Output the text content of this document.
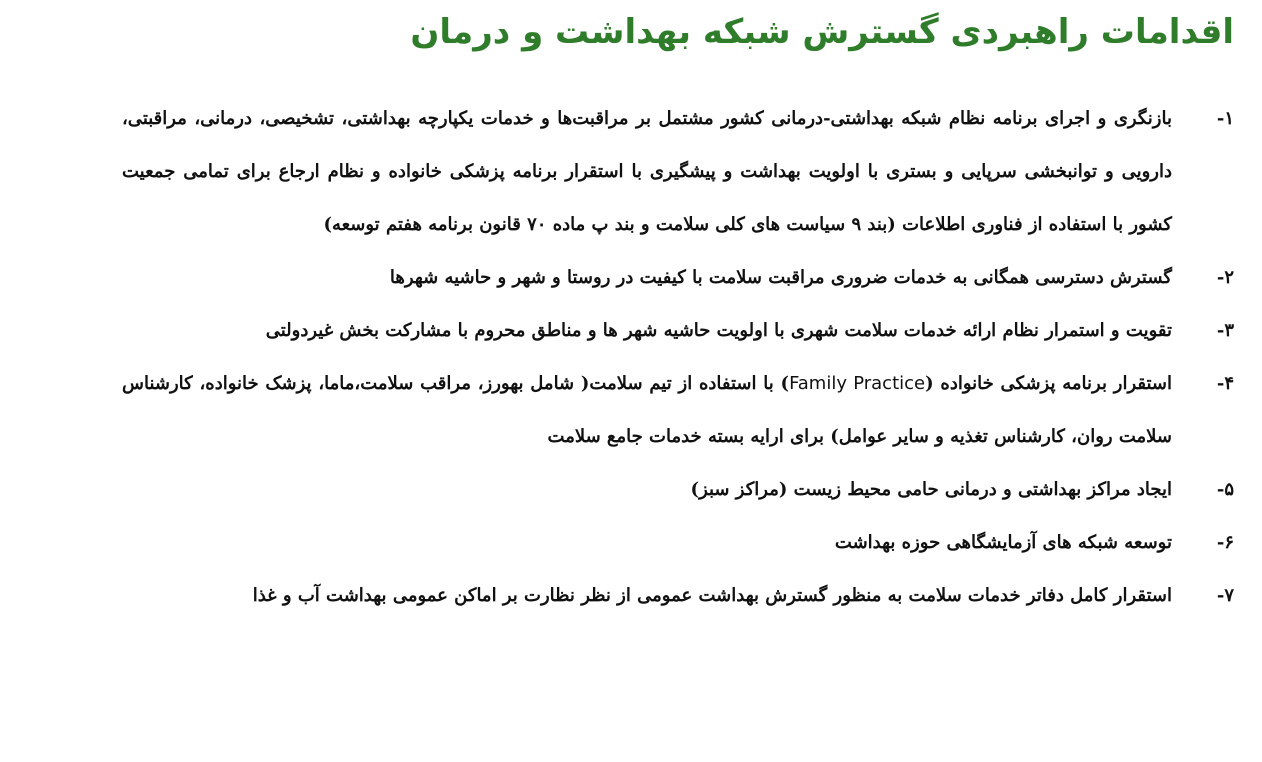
اقدامات راهبردی گسترش شبکه بهداشت و درمان
۱-
بازنگری و اجرای برنامه نظام شبکه بهداشتی-درمانی کشور مشتمل بر مراقبت‌ها و خدمات یکپارچه بهداشتی، تشخیصی، درمانی، مراقبتی، دارویی و توانبخشی سرپایی و بستری با اولویت بهداشت و پیشگیری با استقرار برنامه پزشکی خانواده و نظام ارجاع برای تمامی جمعیت کشور با استفاده از فناوری اطلاعات (بند ۹ سیاست های کلی سلامت و بند پ ماده ۷۰ قانون برنامه هفتم توسعه)
۲-
گسترش دسترسی همگانی به خدمات ضروری مراقبت سلامت با کیفیت در روستا و شهر و حاشیه شهرها
۳-
تقویت و استمرار نظام ارائه خدمات سلامت شهری با اولویت حاشیه شهر ها و مناطق محروم با مشارکت بخش غیردولتی
۴-
استقرار برنامه پزشکی خانواده (Family Practice) با استفاده از تیم سلامت( شامل بهورز، مراقب سلامت،ماما، پزشک خانواده، کارشناس سلامت روان، کارشناس تغذیه و سایر عوامل) برای ارایه بسته خدمات جامع سلامت
۵-
ایجاد مراکز بهداشتی و درمانی حامی محیط زیست (مراکز سبز)
۶-
توسعه شبکه های آزمایشگاهی حوزه بهداشت
۷-
استقرار کامل دفاتر خدمات سلامت به منظور گسترش بهداشت عمومی از نظر نظارت بر اماکن عمومی بهداشت آب و غذا
